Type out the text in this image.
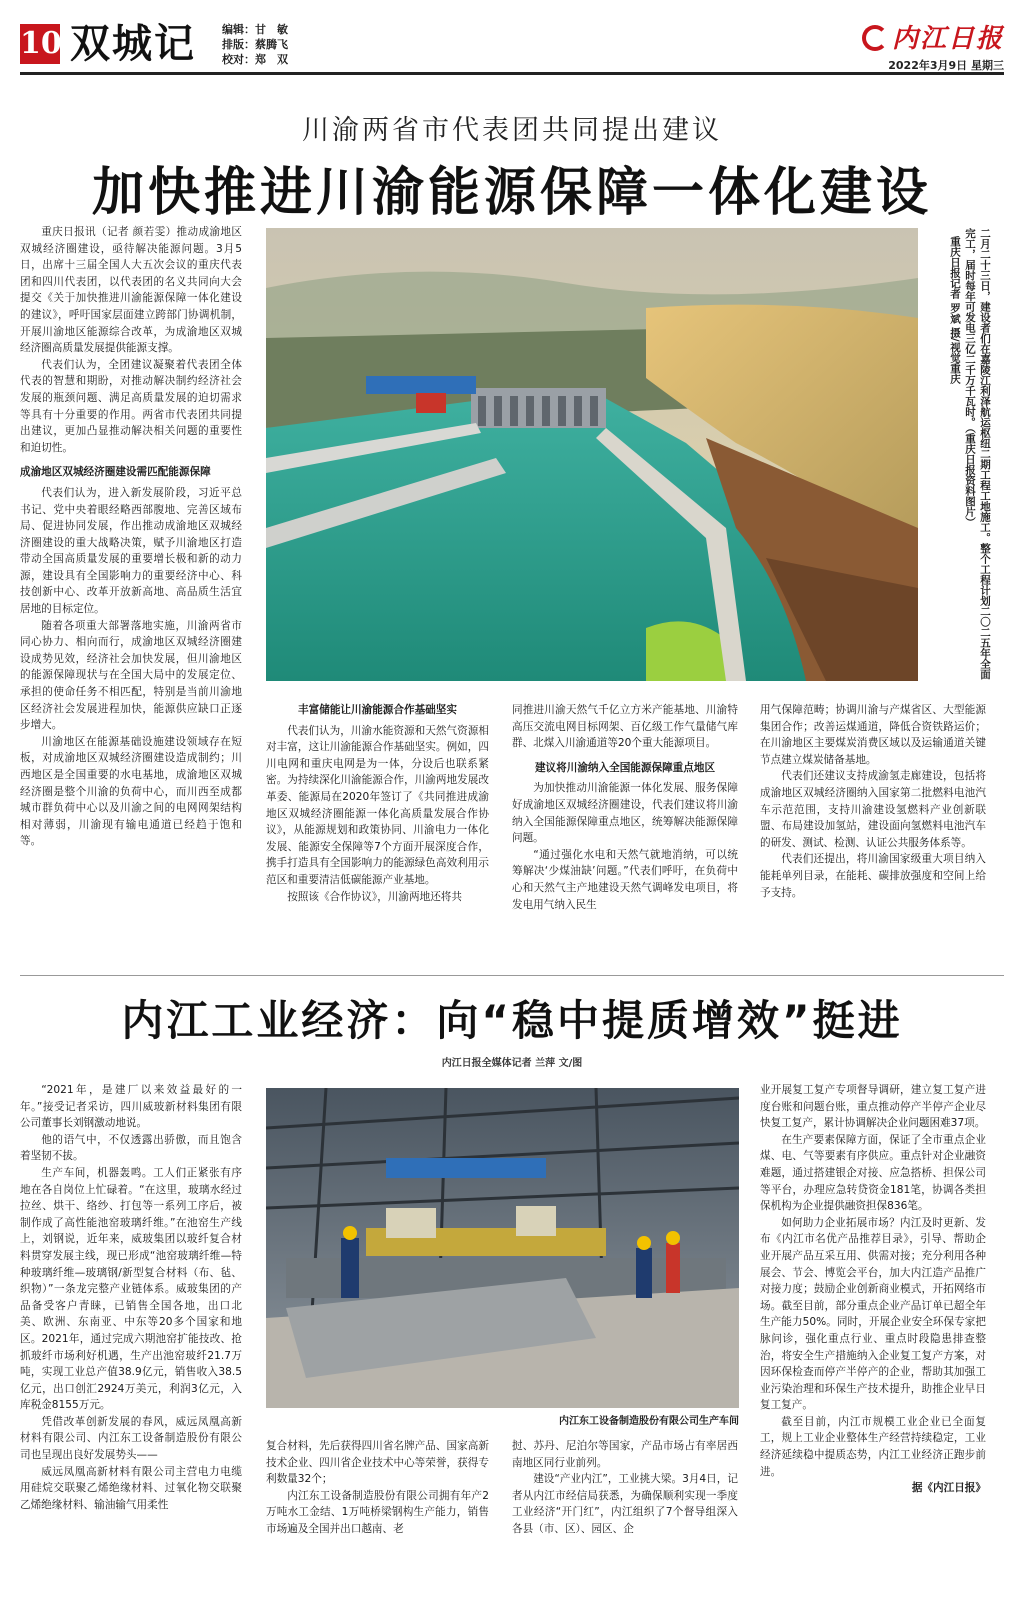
10 双城记 编辑：甘　敏
排版：蔡腾飞
校对：郑　双
内江日报
2022年3月9日 星期三
川渝两省市代表团共同提出建议
加快推进川渝能源保障一体化建设

重庆日报讯（记者 颜若雯）推动成渝地区双城经济圈建设，亟待解决能源问题。3月5日，出席十三届全国人大五次会议的重庆代表团和四川代表团，以代表团的名义共同向大会提交《关于加快推进川渝能源保障一体化建设的建议》，呼吁国家层面建立跨部门协调机制，开展川渝地区能源综合改革，为成渝地区双城经济圈高质量发展提供能源支撑。

代表们认为，全团建议凝聚着代表团全体代表的智慧和期盼，对推动解决制约经济社会发展的瓶颈问题、满足高质量发展的迫切需求等具有十分重要的作用。两省市代表团共同提出建议，更加凸显推动解决相关问题的重要性和迫切性。

成渝地区双城经济圈建设需匹配能源保障

代表们认为，进入新发展阶段，习近平总书记、党中央着眼经略西部腹地、完善区域布局、促进协同发展，作出推动成渝地区双城经济圈建设的重大战略决策，赋予川渝地区打造带动全国高质量发展的重要增长极和新的动力源，建设具有全国影响力的重要经济中心、科技创新中心、改革开放新高地、高品质生活宜居地的目标定位。

随着各项重大部署落地实施，川渝两省市同心协力、相向而行，成渝地区双城经济圈建设成势见效，经济社会加快发展，但川渝地区的能源保障现状与在全国大局中的发展定位、承担的使命任务不相匹配，特别是当前川渝地区经济社会发展进程加快，能源供应缺口正逐步增大。

川渝地区在能源基础设施建设领域存在短板，对成渝地区双城经济圈建设造成制约；川西地区是全国重要的水电基地，成渝地区双城经济圈是整个川渝的负荷中心，而川西至成都城市群负荷中心以及川渝之间的电网网架结构相对薄弱，川渝现有输电通道已经趋于饱和等。

二月二十三日，建设者们在嘉陵江利泽航运枢纽二期工程工地施工。整个工程计划二〇二五年全面完工，届时每年可发电三亿二千万千瓦时。（重庆日报资料图片）

重庆日报记者 罗斌 摄/视觉重庆

丰富储能让川渝能源合作基础坚实

代表们认为，川渝水能资源和天然气资源相对丰富，这让川渝能源合作基础坚实。例如，四川电网和重庆电网是为一体，分设后也联系紧密。为持续深化川渝能源合作，川渝两地发展改革委、能源局在2020年签订了《共同推进成渝地区双城经济圈能源一体化高质量发展合作协议》，从能源规划和政策协同、川渝电力一体化发展、能源安全保障等7个方面开展深度合作，携手打造具有全国影响力的能源绿色高效利用示范区和重要清洁低碳能源产业基地。

按照该《合作协议》，川渝两地还将共

同推进川渝天然气千亿立方米产能基地、川渝特高压交流电网目标网架、百亿级工作气量储气库群、北煤入川渝通道等20个重大能源项目。

建议将川渝纳入全国能源保障重点地区

为加快推动川渝能源一体化发展、服务保障好成渝地区双城经济圈建设，代表们建议将川渝纳入全国能源保障重点地区，统筹解决能源保障问题。

“通过强化水电和天然气就地消纳，可以统筹解决‘少煤油缺’问题。”代表们呼吁，在负荷中心和天然气主产地建设天然气调峰发电项目，将发电用气纳入民生

用气保障范畴；协调川渝与产煤省区、大型能源集团合作；改善运煤通道，降低合资铁路运价；在川渝地区主要煤炭消费区域以及运输通道关键节点建立煤炭储备基地。

代表们还建议支持成渝氢走廊建设，包括将成渝地区双城经济圈纳入国家第二批燃料电池汽车示范范围，支持川渝建设氢燃料产业创新联盟、布局建设加氢站，建设面向氢燃料电池汽车的研发、测试、检测、认证公共服务体系等。

代表们还提出，将川渝国家级重大项目纳入能耗单列目录，在能耗、碳排放强度和空间上给予支持。

内江工业经济：向“稳中提质增效”挺进
内江日报全媒体记者 兰萍 文/图

“2021年，是建厂以来效益最好的一年。”接受记者采访，四川威玻新材料集团有限公司董事长刘钢激动地说。

他的语气中，不仅透露出骄傲，而且饱含着坚韧不拔。

生产车间，机器轰鸣。工人们正紧张有序地在各自岗位上忙碌着。“在这里，玻璃水经过拉丝、烘干、络纱、打包等一系列工序后，被制作成了高性能池窑玻璃纤维。”在池窑生产线上，刘钢说，近年来，威玻集团以玻纤复合材料贯穿发展主线，现已形成“池窑玻璃纤维—特种玻璃纤维—玻璃钢/新型复合材料（布、毡、织物）”一条龙完整产业链体系。威玻集团的产品备受客户青睐，已销售全国各地，出口北美、欧洲、东南亚、中东等20多个国家和地区。2021年，通过完成六期池窑扩能技改、抢抓玻纤市场利好机遇，生产出池窑玻纤21.7万吨，实现工业总产值38.9亿元，销售收入38.5亿元，出口创汇2924万美元，利润3亿元，入库税金8155万元。

凭借改革创新发展的春风，威远凤凰高新材料有限公司、内江东工设备制造股份有限公司也呈现出良好发展势头——

威远凤凰高新材料有限公司主营电力电缆用硅烷交联聚乙烯绝缘材料、过氧化物交联聚乙烯绝缘材料、输油输气用柔性

内江东工设备制造股份有限公司生产车间

复合材料，先后获得四川省名牌产品、国家高新技术企业、四川省企业技术中心等荣誉，获得专利数量32个；

内江东工设备制造股份有限公司拥有年产2万吨水工金结、1万吨桥梁钢构生产能力，销售市场遍及全国并出口越南、老

挝、苏丹、尼泊尔等国家，产品市场占有率居西南地区同行业前列。

建设“产业内江”，工业挑大梁。3月4日，记者从内江市经信局获悉，为确保顺利实现一季度工业经济“开门红”，内江组织了7个督导组深入各县（市、区）、园区、企

业开展复工复产专项督导调研，建立复工复产进度台账和问题台账，重点推动停产半停产企业尽快复工复产，累计协调解决企业问题困难37项。

在生产要素保障方面，保证了全市重点企业煤、电、气等要素有序供应。重点针对企业融资难题，通过搭建银企对接、应急搭桥、担保公司等平台，办理应急转贷资金181笔，协调各类担保机构为企业提供融资担保836笔。

如何助力企业拓展市场？内江及时更新、发布《内江市名优产品推荐目录》，引导、帮助企业开展产品互采互用、供需对接；充分利用各种展会、节会、博览会平台，加大内江造产品推广对接力度；鼓励企业创新商业模式，开拓网络市场。截至目前，部分重点企业产品订单已超全年生产能力50%。同时，开展企业安全环保专家把脉问诊，强化重点行业、重点时段隐患排查整治，将安全生产措施纳入企业复工复产方案，对因环保检查而停产半停产的企业，帮助其加强工业污染治理和环保生产技术提升，助推企业早日复工复产。

截至目前，内江市规模工业企业已全面复工，规上工业企业整体生产经营持续稳定，工业经济延续稳中提质态势，内江工业经济正跑步前进。

据《内江日报》
